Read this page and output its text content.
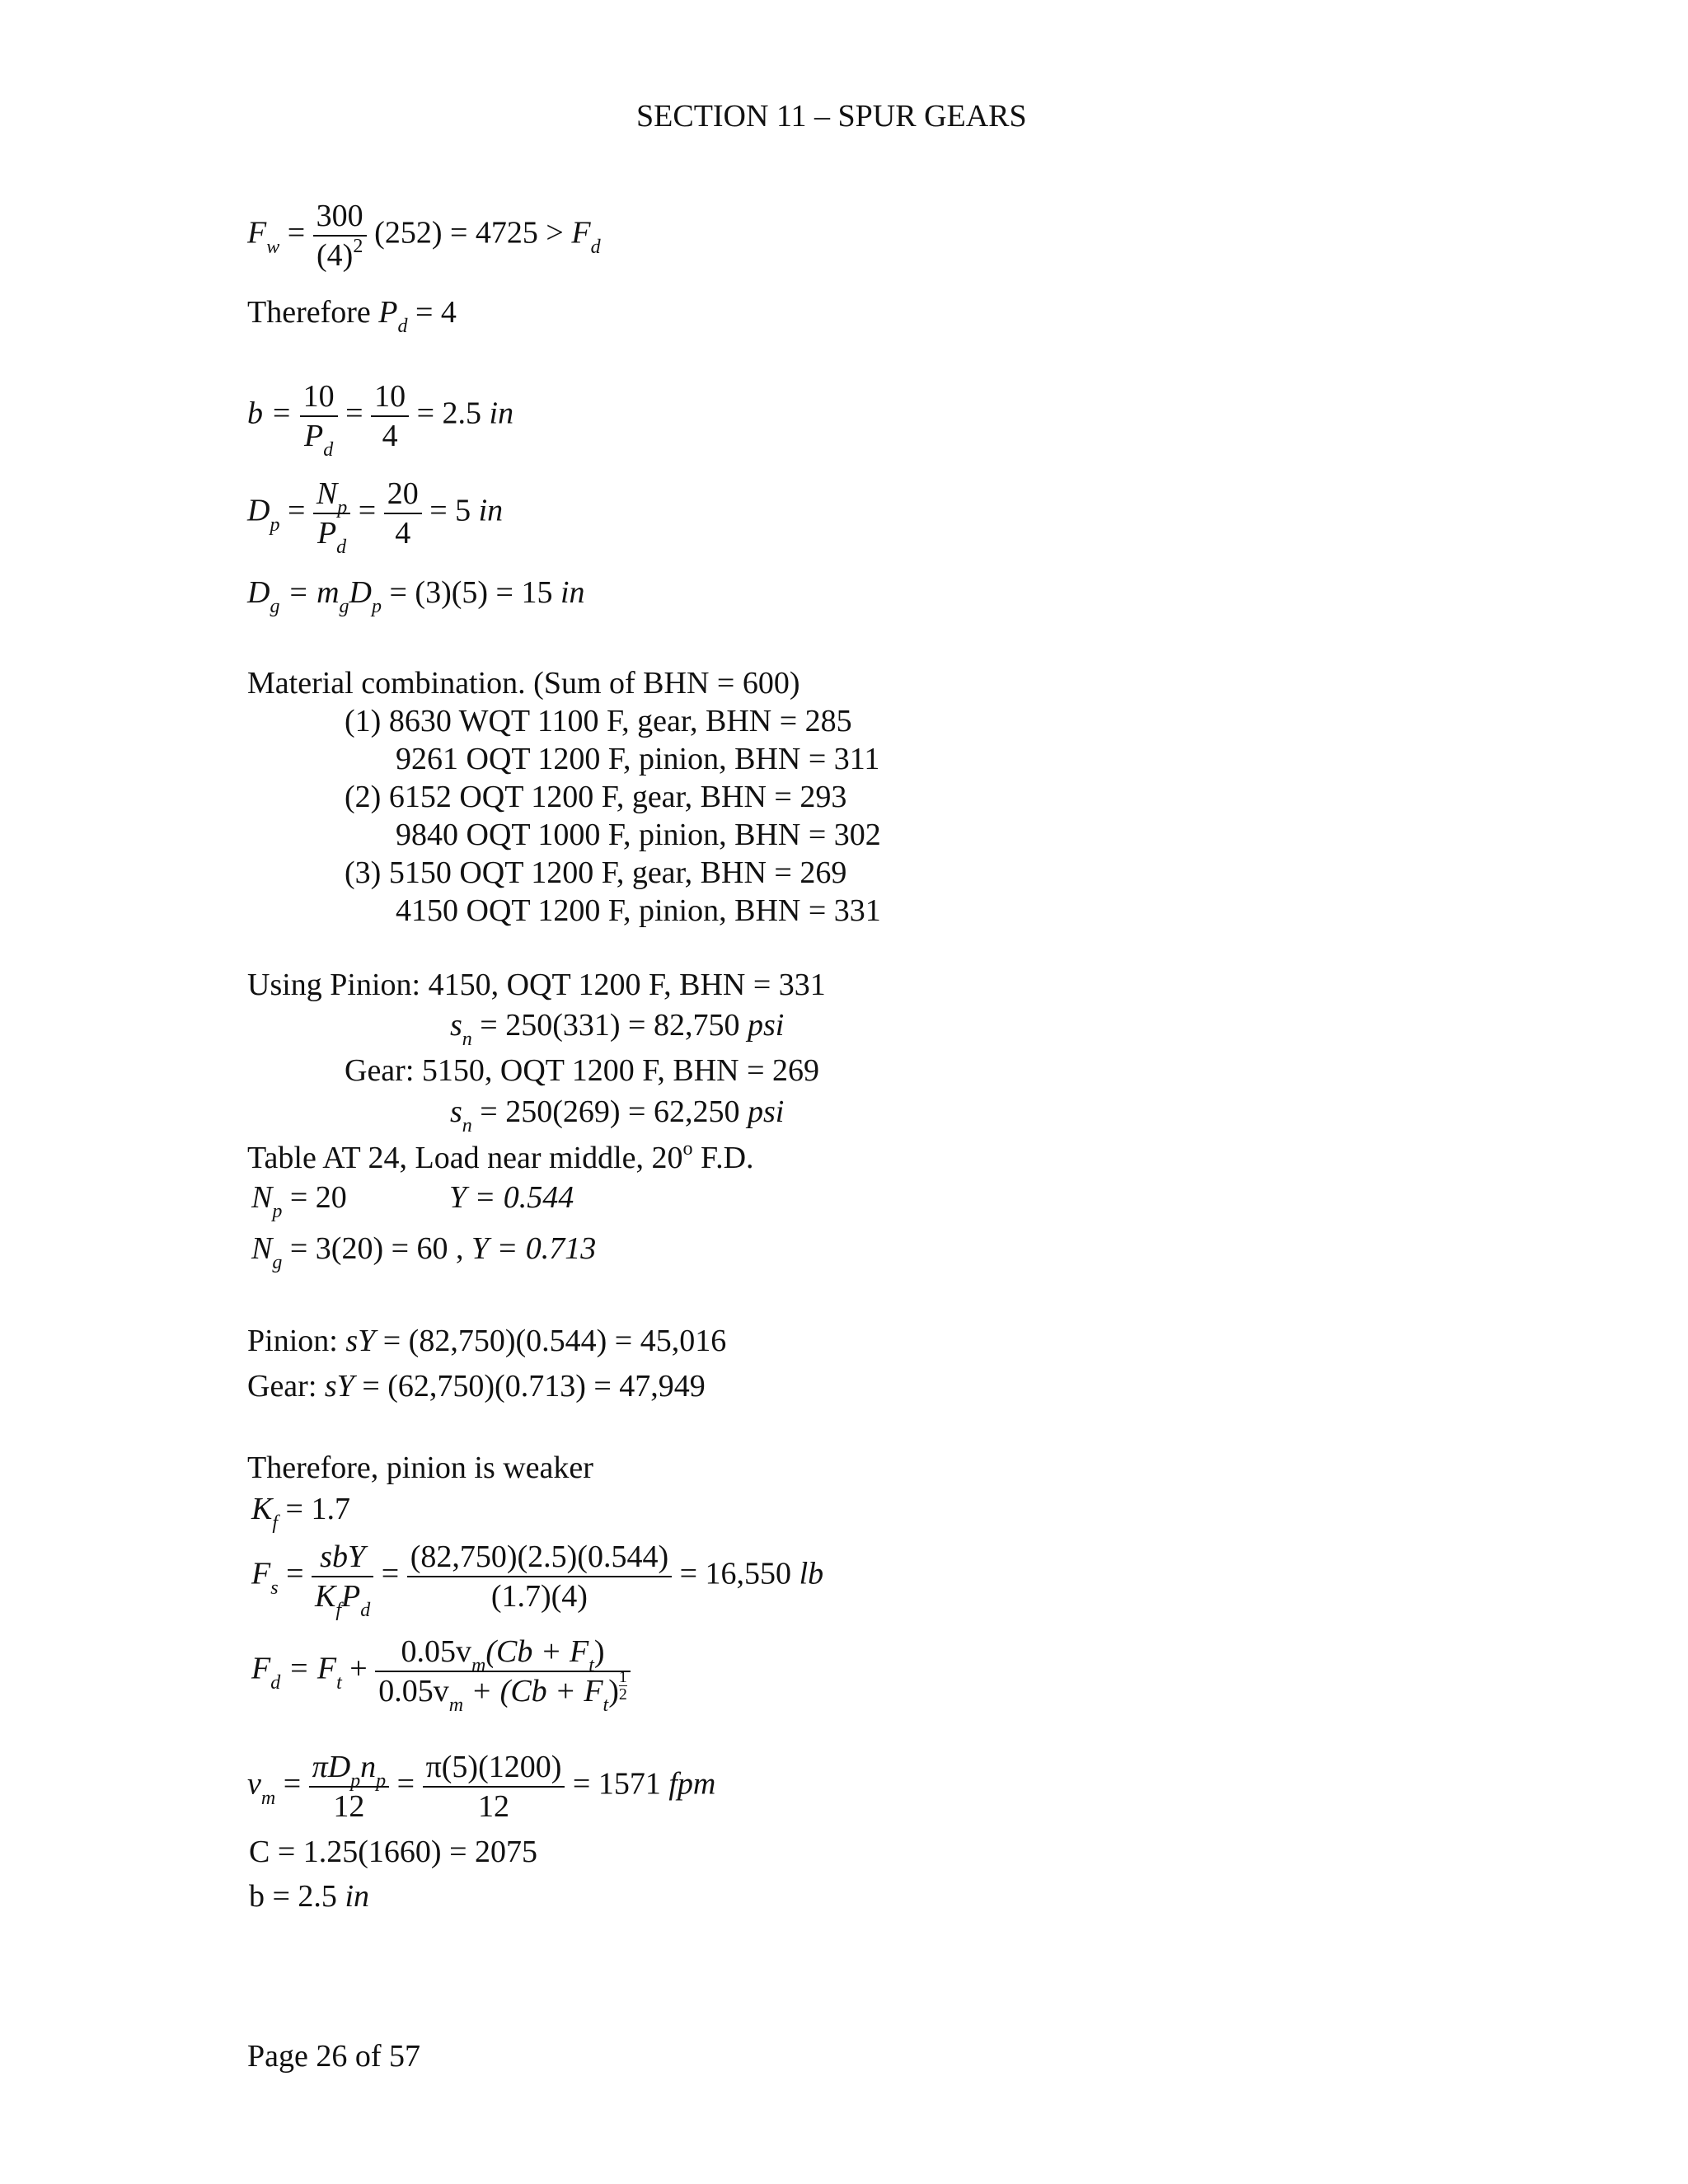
SECTION 11 – SPUR GEARS
$F_w = \frac{300}{(4)^2} (252) = 4725 > F_d$
Therefore $P_d = 4$
$b = \frac{10}{P_d} = \frac{10}{4} = 2.5$ in
$D_p = \frac{N_p}{P_d} = \frac{20}{4} = 5$ in
$D_g = m_gD_p = (3)(5) = 15$ in
Material combination. (Sum of BHN = 600)
(1) 8630 WQT 1100 F, gear, BHN = 285
9261 OQT 1200 F, pinion, BHN = 311
(2) 6152 OQT 1200 F, gear, BHN = 293
9840 OQT 1000 F, pinion, BHN = 302
(3) 5150 OQT 1200 F, gear, BHN = 269
4150 OQT 1200 F, pinion, BHN = 331
Using Pinion: 4150, OQT 1200 F, BHN = 331
$s_n = 250(331) = 82,750$ psi
Gear: 5150, OQT 1200 F, BHN = 269
$s_n = 250(269) = 62,250$ psi
Table AT 24, Load near middle, 20$^o$ F.D.
$N_p = 20$	Y = 0.544
$N_g = 3(20) = 60$ , Y = 0.713
Pinion: sY = (82,750)(0.544) = 45,016
Gear: sY = (62,750)(0.713) = 47,949
Therefore, pinion is weaker
$K_f = 1.7$
$F_s = \frac{\text{sbY}}{K_fP_d} = \frac{(82,750)(2.5)(0.544)}{(1.7)(4)} = 16,550$ lb
$F_d = F_t + \frac{0.05v_m(Cb + F_t)}{0.05v_m + (Cb + F_t) \frac{1}{2}}$
$v_m = \frac{\pi D_pn_p}{12} = \frac{\pi(5)(1200)}{12} = 1571$ fpm
C = 1.25(1660) = 2075
b = 2.5 in
Page 26 of 57
